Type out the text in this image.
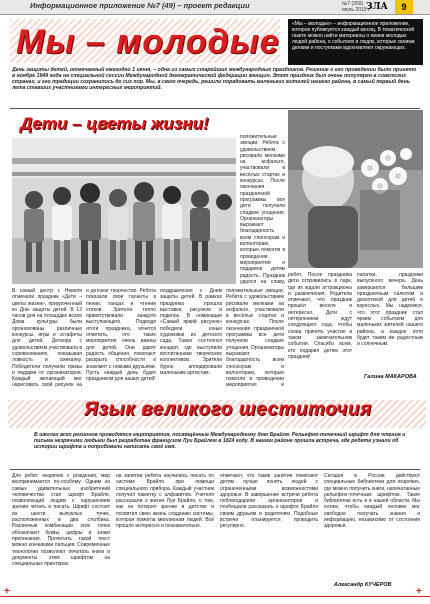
Информационное приложение №7 (49) – проект редакции	№7 (269)
июль 2015 г.
ЗЛА	9
Мы – молодые	«Мы – молодые» – информационное приложение, которое публикуется каждый месяц. В тематической газете можно найти материалы о жизни молодых людей района, о событиях и людях, которые своими делами и поступками вдохновляют окружающих.
День защиты детей, отмечаемый ежегодно 1 июня, – одна из самых старейших международных праздников. Решение о его проведении было принято в ноябре 1949 года на специальной сессии Международной демократической федерации женщин. Этот праздник был очень популярен в советских странах, и его традиции сохранились до сих пор. Мы, в свою очередь, решили порадовать маленьких жителей нашего района, в самый первый день лета ставших участниками интересных мероприятий.
Дети – цветы жизни!
ребят. После праздника дети отправились в парк, где их ждали аттракционы и развлечения. Родители отмечают, что праздник прошёл весело и интересно. Дети с нетерпением ждут следующего года, чтобы снова принять участие в таком замечательном событии. Спасибо всем, кто подарил детям этот праздник!
палатки, праздники выпускного вечера. День завершился большим праздничным салютом и дискотекой для детей и взрослых. Мы надеемся, что этот праздник стал ярким событием для маленьких жителей нашего района, а каждое лето будет таким же радостным и солнечным.
Галина МАКАРОВА
положительные эмоции. Ребята с удовольствием рисовали мелками на асфальте, участвовали в весёлых стартах и конкурсах. После окончания праздничной программы все дети получили сладкие угощения. Организаторы выражают благодарность всем спонсорам и волонтёрам, которые помогли в проведении мероприятия и подарили детям радость. Праздник удался на славу,
В самый центр г. Невеля отмечали праздник «Дети – цветы жизни», приуроченный ко Дню защиты детей. В 12 часов дня на площадке возле Дома культуры были организованы различные конкурсы, игры и эстафеты для детей. Детвора с удовольствием участвовала в соревнованиях, показывая ловкость и смекалку. Победители получили призы и подарки от организаторов. Каждый желающий мог нарисовать свой рисунок на
и детское творчество. Ребята показали свои таланты в пении, танцах и чтении стихов. Зрители тепло приветствовали каждого выступающего. Подводя итоги праздника, хочется отметить, что такие мероприятия очень важны для детей. Они дарят радость общения, помогают раскрыть способности и знакомят с новыми друзьями. Пусть каждый день будет праздником для наших детей!
поздравления с Днем защиты детей. В рамках праздника прошла выставка рисунков и поделок. В номинации «Самый яркий рисунок» победили юные художники из детского сада. Также состоялся концерт, где выступили воспитанники творческих коллективов. Зрители бурно аплодировали маленьким артистам.
положительные эмоции. Ребята с удовольствием рисовали мелками на асфальте, участвовали в весёлых стартах и конкурсах. После окончания праздничной программы все дети получили сладкие угощения. Организаторы выражают благодарность всем спонсорам и волонтёрам, которые помогли в проведении мероприятия и
Язык великого шеститочия
В школах всех регионов проводятся мероприятия, посвящённые Международному дню Брайля. Рельефно-точечный шрифт для чтения и письма незрячими людьми был разработан французом Луи Брайлем в 1824 году. В нашем районе прошла встреча, где ребята узнали об истории шрифта и попробовали написать своё имя.
Для ребят, незрячих с рождения, мир воспринимается по-особому. Одним из самых удивительных изобретений человечества стал шрифт Брайля, позволяющий людям с нарушением зрения читать и писать. Шрифт состоит из шести выпуклых точек, расположенных в два столбика. Различные комбинации этих точек обозначают буквы, цифры и знаки препинания. Прочитать такой текст можно кончиками пальцев. Современные технологии позволяют печатать книги и документы этим шрифтом на специальных принтерах.
на занятии ребята научились писать по системе Брайля при помощи специального прибора. Каждый участник получил памятку с алфавитом. Учителя рассказали о жизни Луи Брайля, о том, как он потерял зрение в детстве и посвятил свою жизнь созданию системы, которая помогла миллионам людей. Всё прошло интересно и познавательно.
отмечают, что такие занятия помогают детям лучше понять людей с ограниченными возможностями здоровья. В завершение встречи ребята поблагодарили организаторов и пообещали рассказать о шрифте Брайля своим друзьям и родителям. Подобные встречи планируется проводить регулярно.
Сегодня в России действуют специальные библиотеки для незрячих, где можно получить книги, напечатанные рельефно-точечным шрифтом. Такие библиотеки есть и в нашей области. Мы хотим, чтобы каждый человек мог свободно получать знания и информацию, независимо от состояния здоровья.
Александр КУЧЕРОВ
+	+
